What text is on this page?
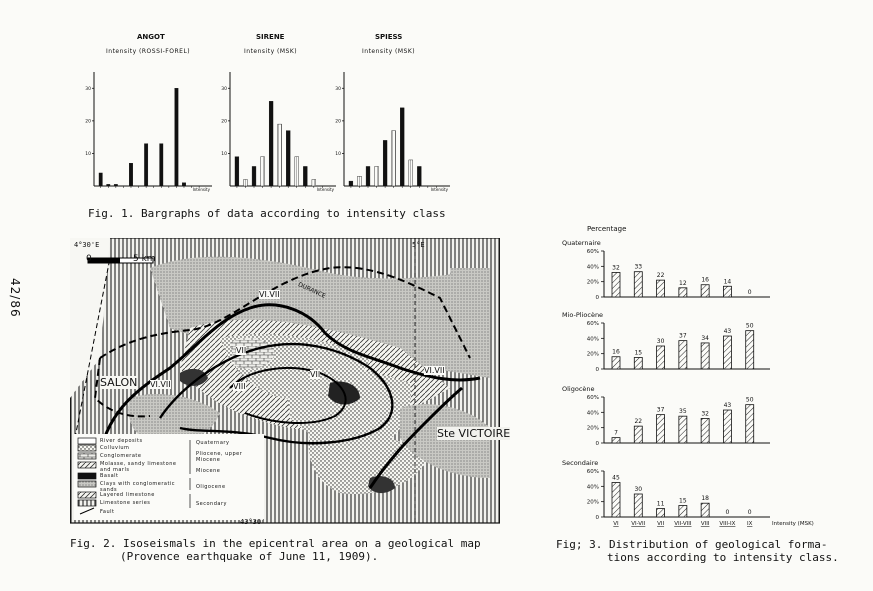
42/86
ANGOT
Intensity (ROSSI-FOREL)
SIRENE
Intensity (MSK)
SPIESS
Intensity (MSK)
30
20
10
Intensity
30
20
10
Intensity
30
20
10
Intensity
Fig. 1. Bargraphs of data according to intensity class
4°30'E	5°E
43°30'
0	5 km
SALON
DURANCE
Ste VICTOIRE
VI.VII
VII
VIII
VI.VII
VII	VI.VII
River deposits
Colluvium
Conglomerate
Molasse, sandy limestone and marls
Basalt
Clays with conglomeratic sands
Layered limestone
Limestone series
Fault
Quaternary
Pliocene, upper Miocene
Miocene
Oligocene
Secondary
Fig. 2. Isoseismals in the epicentral area on a geological map
(Provence earthquake of June 11, 1909).
Percentage
Quaternaire
60%
40%
20%
0
32 33
22
12 16 14
0
Mio-Pliocène
60%
40%
20%
0
16 15
30
37 34
43
50
Oligocène
60%
40%
20%
0
7
22
37 35 32
43
50
Secondaire
60%
40%
20%
0
45
VI
30
VI-VII
11
VII
15
VII-VIII
18
VIII
0
VIII-IX
0
IX	Intensity (MSK)
Fig; 3. Distribution of geological forma-
tions according to intensity class.
